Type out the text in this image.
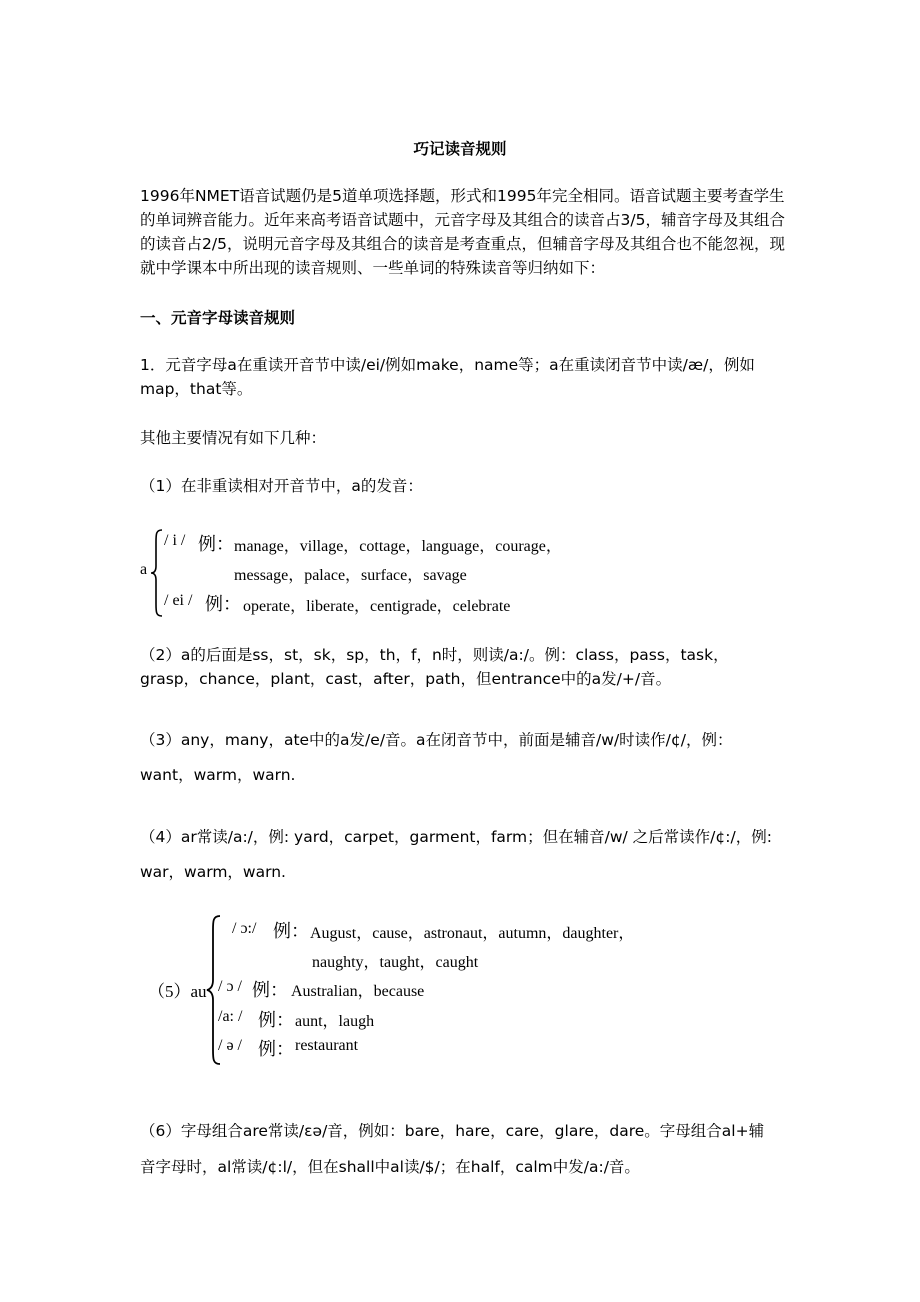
巧记读音规则

1996年NMET语音试题仍是5道单项选择题，形式和1995年完全相同。语音试题主要考查学生的单词辨音能力。近年来高考语音试题中，元音字母及其组合的读音占3/5，辅音字母及其组合的读音占2/5，说明元音字母及其组合的读音是考查重点，但辅音字母及其组合也不能忽视，现就中学课本中所出现的读音规则、一些单词的特殊读音等归纳如下：

一、元音字母读音规则

1．元音字母a在重读开音节中读/ei/例如make，name等；a在重读闭音节中读/æ/，例如map，that等。

其他主要情况有如下几种：

（1）在非重读相对开音节中，a的发音：

a
/ i / 例： manage，village，cottage，language，courage，
message，palace，surface，savage
/ ei / 例： operate，liberate，centigrade，celebrate

（2）a的后面是ss，st，sk，sp，th，f，n时，则读/a:/。例：class，pass，task，grasp，chance，plant，cast，after，path，但entrance中的a发/+/音。

（3）any，many，ate中的a发/e/音。a在闭音节中，前面是辅音/w/时读作/¢/，例：

want，warm，warn.

（4）ar常读/a:/，例: yard，carpet，garment，farm；但在辅音/w/ 之后常读作/¢:/，例:

war，warm，warn.

（5）au
/ ɔ:/ 例： August，cause，astronaut，autumn，daughter，
naughty，taught，caught
/ ɔ / 例： Australian，because
/a: / 例： aunt，laugh
/ ə / 例： restaurant

（6）字母组合are常读/εə/音，例如：bare，hare，care，glare，dare。字母组合al+辅

音字母时，al常读/¢:l/，但在shall中al读/$/；在half，calm中发/a:/音。
